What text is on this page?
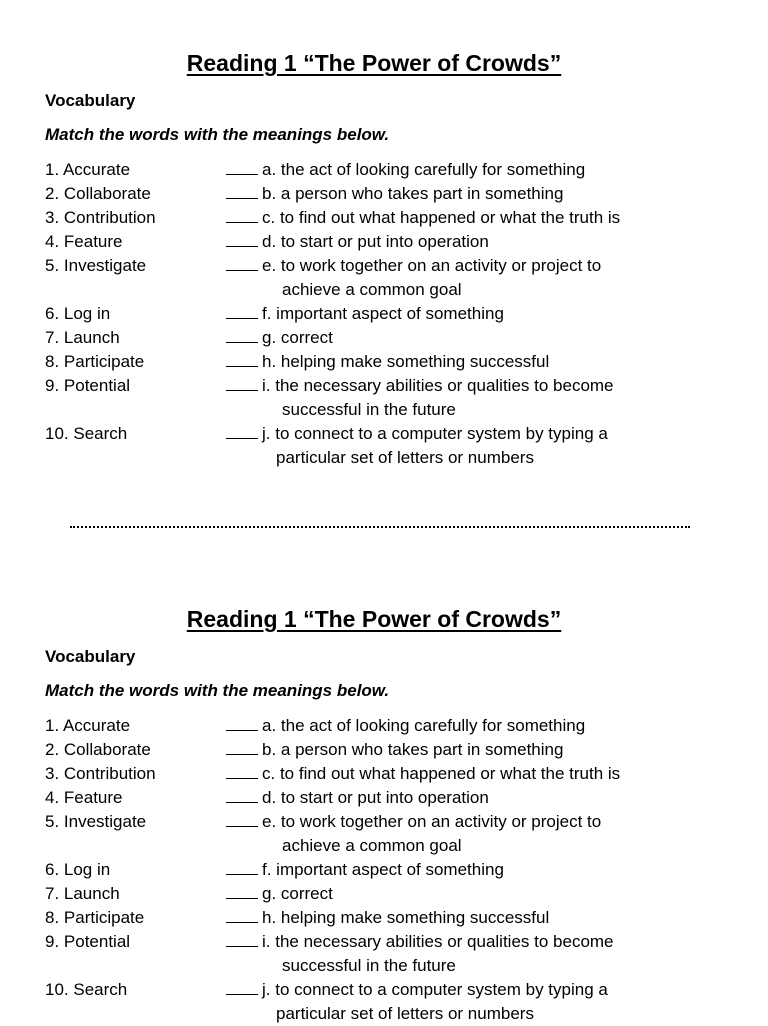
Reading 1 “The Power of Crowds”
Vocabulary
Match the words with the meanings below.
1. Accurate
2. Collaborate
3. Contribution
4. Feature
5. Investigate
6. Log in
7. Launch
8. Participate
9. Potential
10. Search
a. the act of looking carefully for something
b. a person who takes part in something
c. to find out what happened or what the truth is
d. to start or put into operation
e. to work together on an activity or project to
achieve a common goal
f. important aspect of something
g. correct
h. helping make something successful
i. the necessary abilities or qualities to become
successful in the future
j. to connect to a computer system by typing a
particular set of letters or numbers
Reading 1 “The Power of Crowds”
Vocabulary
Match the words with the meanings below.
1. Accurate
2. Collaborate
3. Contribution
4. Feature
5. Investigate
6. Log in
7. Launch
8. Participate
9. Potential
10. Search
a. the act of looking carefully for something
b. a person who takes part in something
c. to find out what happened or what the truth is
d. to start or put into operation
e. to work together on an activity or project to
achieve a common goal
f. important aspect of something
g. correct
h. helping make something successful
i. the necessary abilities or qualities to become
successful in the future
j. to connect to a computer system by typing a
particular set of letters or numbers
